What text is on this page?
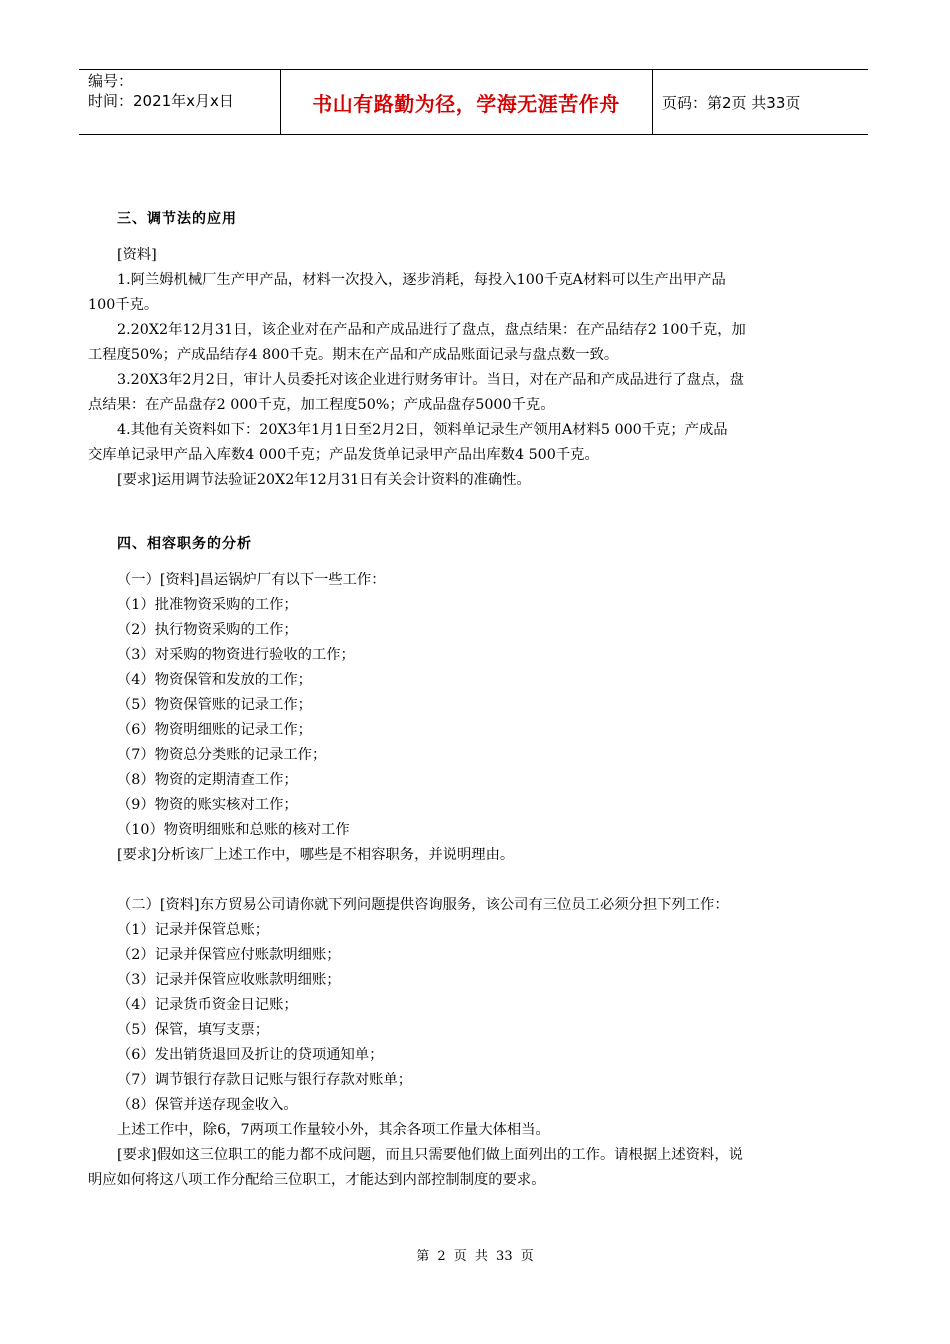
编号：
时间：2021年x月x日	书山有路勤为径，学海无涯苦作舟	页码：第2页 共33页
三、调节法的应用
[资料]
1.阿兰姆机械厂生产甲产品，材料一次投入，逐步消耗，每投入100千克A材料可以生产出甲产品
100千克。
2.20X2年12月31日，该企业对在产品和产成品进行了盘点，盘点结果：在产品结存2 100千克，加
工程度50%；产成品结存4 800千克。期末在产品和产成品账面记录与盘点数一致。
3.20X3年2月2日，审计人员委托对该企业进行财务审计。当日，对在产品和产成品进行了盘点，盘
点结果：在产品盘存2 000千克，加工程度50%；产成品盘存5000千克。
4.其他有关资料如下：20X3年1月1日至2月2日，领料单记录生产领用A材料5 000千克；产成品
交库单记录甲产品入库数4 000千克；产品发货单记录甲产品出库数4 500千克。
[要求]运用调节法验证20X2年12月31日有关会计资料的准确性。
四、相容职务的分析
（一）[资料]昌运锅炉厂有以下一些工作：
（1）批准物资采购的工作；
（2）执行物资采购的工作；
（3）对采购的物资进行验收的工作；
（4）物资保管和发放的工作；
（5）物资保管账的记录工作；
（6）物资明细账的记录工作；
（7）物资总分类账的记录工作；
（8）物资的定期清查工作；
（9）物资的账实核对工作；
（10）物资明细账和总账的核对工作
[要求]分析该厂上述工作中，哪些是不相容职务，并说明理由。
（二）[资料]东方贸易公司请你就下列问题提供咨询服务，该公司有三位员工必须分担下列工作：
（1）记录并保管总账；
（2）记录并保管应付账款明细账；
（3）记录并保管应收账款明细账；
（4）记录货币资金日记账；
（5）保管，填写支票；
（6）发出销货退回及折让的贷项通知单；
（7）调节银行存款日记账与银行存款对账单；
（8）保管并送存现金收入。
上述工作中，除6，7两项工作量较小外，其余各项工作量大体相当。
[要求]假如这三位职工的能力都不成问题，而且只需要他们做上面列出的工作。请根据上述资料，说
明应如何将这八项工作分配给三位职工，才能达到内部控制制度的要求。
第 2 页 共 33 页
